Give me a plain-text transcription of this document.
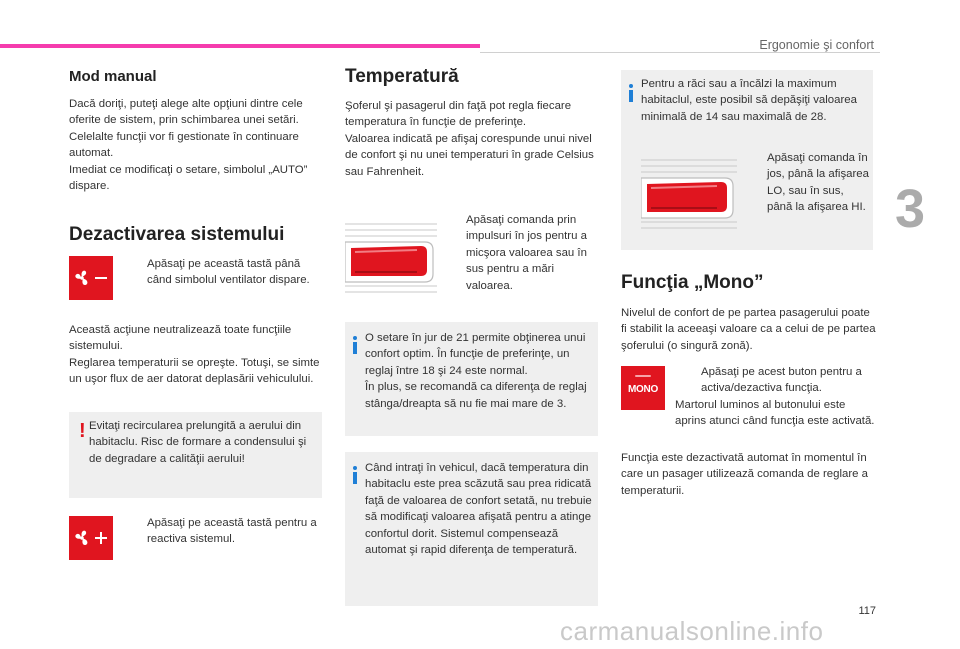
Ergonomie şi confort
3
Mod manual

Dacă doriţi, puteţi alege alte opţiuni dintre cele oferite de sistem, prin schimbarea unei setări. Celelalte funcţii vor fi gestionate în continuare automat.
Imediat ce modificaţi o setare, simbolul „AUTO” dispare.

Dezactivarea sistemului
Apăsaţi pe această tastă până când simbolul ventilator dispare.

Această acţiune neutralizează toate funcţiile sistemului.
Reglarea temperaturii se opreşte. Totuşi, se simte un uşor flux de aer datorat deplasării vehiculului.

! Evitaţi recircularea prelungită a aerului din habitaclu. Risc de formare a condensului şi de degradare a calităţii aerului!
Apăsaţi pe această tastă pentru a reactiva sistemul.
Temperatură

Şoferul şi pasagerul din faţă pot regla fiecare temperatura în funcţie de preferinţe.
Valoarea indicată pe afişaj corespunde unui nivel de confort şi nu unei temperaturi în grade Celsius sau Fahrenheit.

Apăsaţi comanda prin impulsuri în jos pentru a micşora valoarea sau în sus pentru a mări valoarea.
O setare în jur de 21 permite obţinerea unui confort optim. În funcţie de preferinţe, un reglaj între 18 şi 24 este normal.
În plus, se recomandă ca diferenţa de reglaj stânga/dreapta să nu fie mai mare de 3.
Când intraţi în vehicul, dacă temperatura din habitaclu este prea scăzută sau prea ridicată faţă de valoarea de confort setată, nu trebuie să modificaţi valoarea afişată pentru a atinge confortul dorit. Sistemul compensează automat şi rapid diferenţa de temperatură.
Pentru a răci sau a încălzi la maximum habitaclul, este posibil să depăşiţi valoarea minimală de 14 sau maximală de 28.
Apăsaţi comanda în jos, până la afişarea LO, sau în sus, până la afişarea HI.
Funcţia „Mono”

Nivelul de confort de pe partea pasagerului poate fi stabilit la aceeaşi valoare ca a celui de pe partea şoferului (o singură zonă).

MONO
Apăsaţi pe acest buton pentru a activa/dezactiva funcţia.

Martorul luminos al butonului este aprins atunci când funcţia este activată.

Funcţia este dezactivată automat în momentul în care un pasager utilizează comanda de reglare a temperaturii.

117
carmanualsonline.info
